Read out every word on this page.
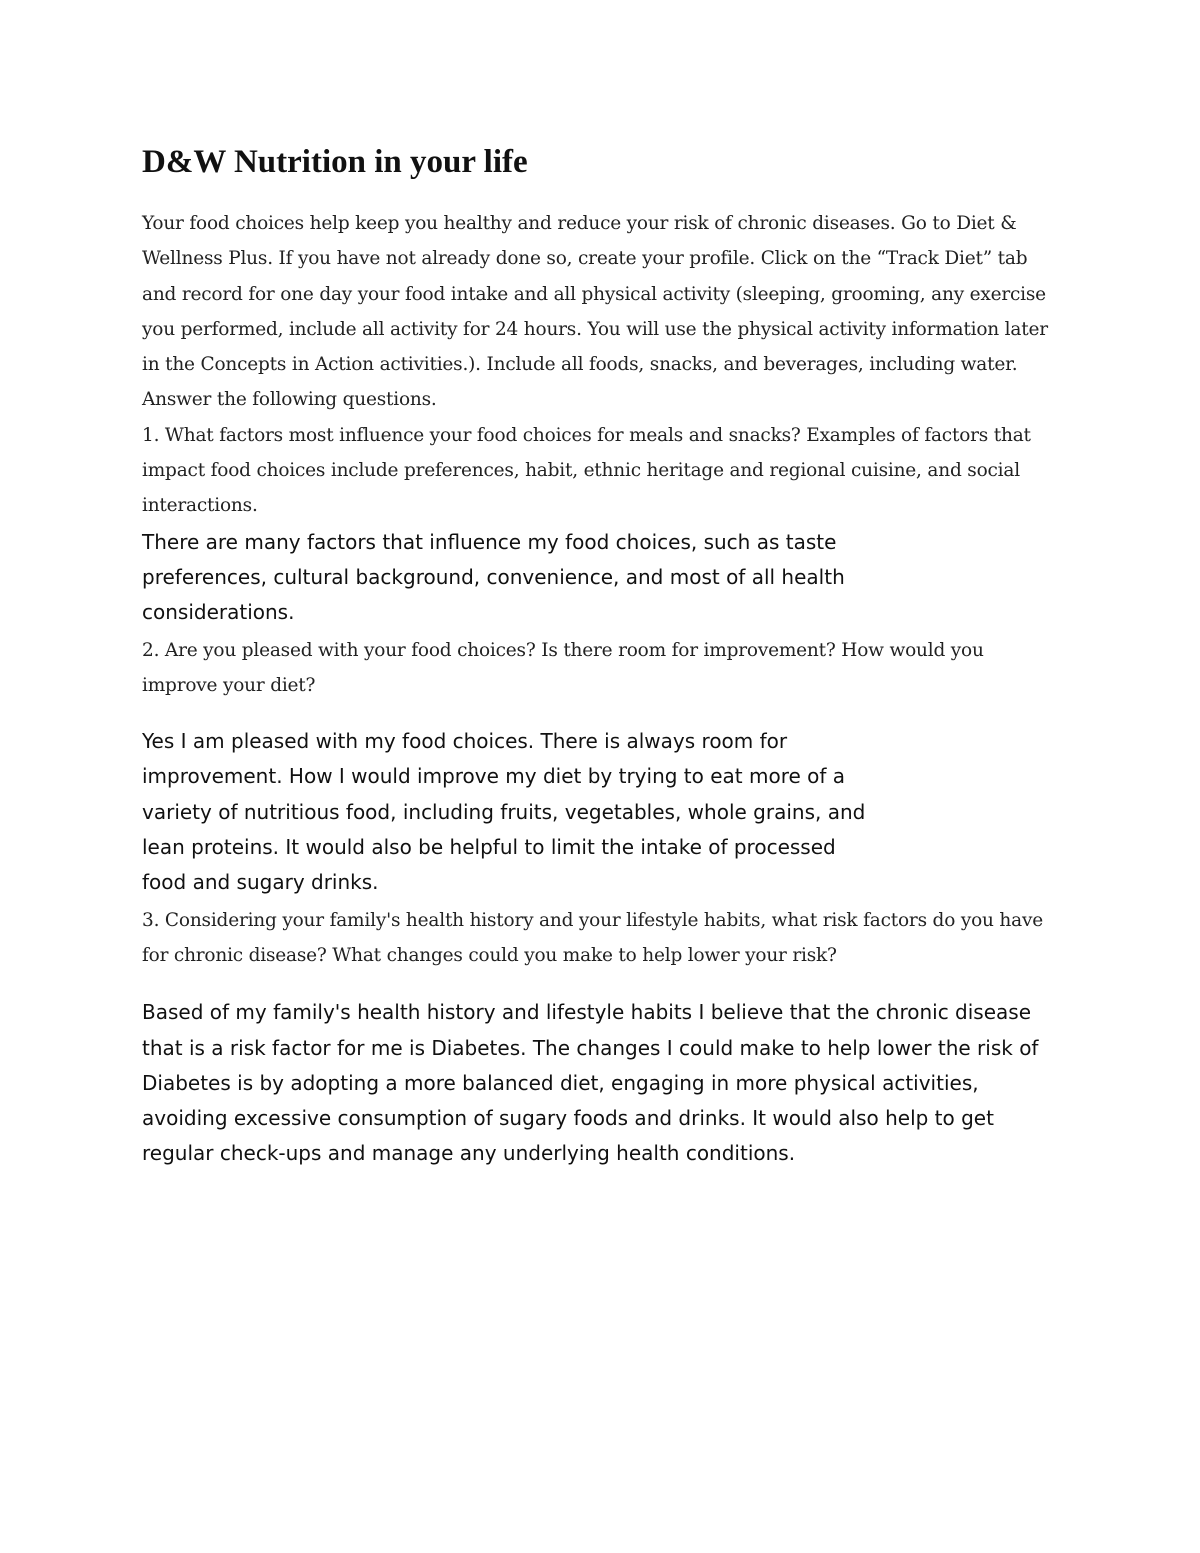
D&W Nutrition in your life

Your food choices help keep you healthy and reduce your risk of chronic diseases. Go to Diet & Wellness Plus. If you have not already done so, create your profile. Click on the “Track Diet” tab and record for one day your food intake and all physical activity (sleeping, grooming, any exercise you performed, include all activity for 24 hours. You will use the physical activity information later in the Concepts in Action activities.). Include all foods, snacks, and beverages, including water. Answer the following questions.

1. What factors most influence your food choices for meals and snacks? Examples of factors that impact food choices include preferences, habit, ethnic heritage and regional cuisine, and social interactions.

There are many factors that influence my food choices, such as taste preferences, cultural background, convenience, and most of all health considerations.

2. Are you pleased with your food choices? Is there room for improvement? How would you improve your diet?

Yes I am pleased with my food choices. There is always room for improvement. How I would improve my diet by trying to eat more of a variety of nutritious food, including fruits, vegetables, whole grains, and lean proteins. It would also be helpful to limit the intake of processed food and sugary drinks.

3. Considering your family's health history and your lifestyle habits, what risk factors do you have for chronic disease? What changes could you make to help lower your risk?

Based of my family's health history and lifestyle habits I believe that the chronic disease that is a risk factor for me is Diabetes. The changes I could make to help lower the risk of Diabetes is by adopting a more balanced diet, engaging in more physical activities, avoiding excessive consumption of sugary foods and drinks. It would also help to get regular check-ups and manage any underlying health conditions.
